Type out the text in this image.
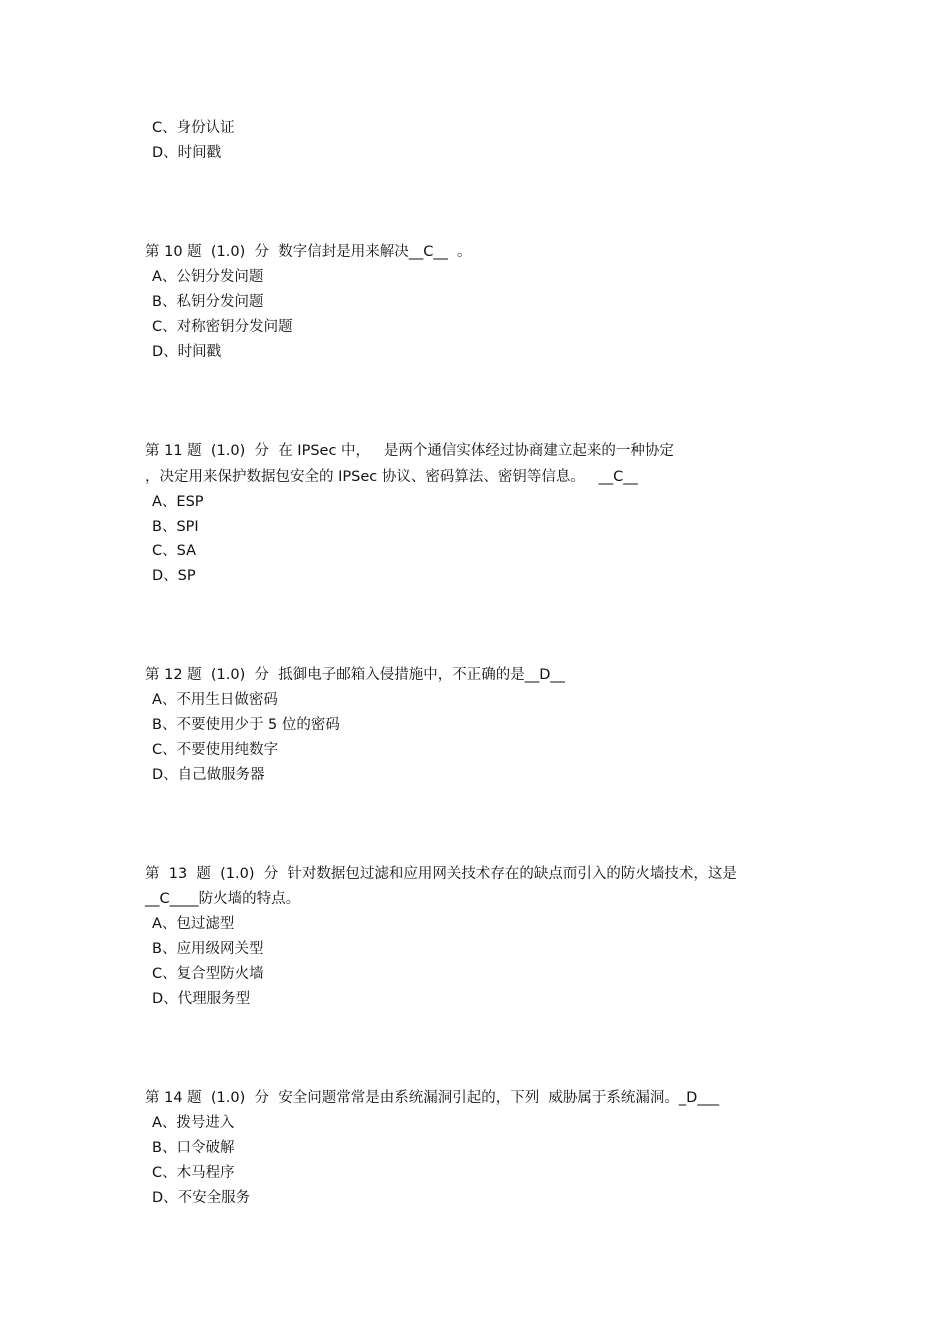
C、身份认证
D、时间戳
第 10 题  (1.0)  分  数字信封是用来解决__C__  。
A、公钥分发问题
B、私钥分发问题
C、对称密钥分发问题
D、时间戳
第 11 题  (1.0)  分  在 IPSec 中，   是两个通信实体经过协商建立起来的一种协定
，决定用来保护数据包安全的 IPSec 协议、密码算法、密钥等信息。   __C__
A、ESP
B、SPI
C、SA
D、SP
第 12 题  (1.0)  分  抵御电子邮箱入侵措施中，不正确的是__D__
A、不用生日做密码
B、不要使用少于 5 位的密码
C、不要使用纯数字
D、自己做服务器
第  13  题  (1.0)  分  针对数据包过滤和应用网关技术存在的缺点而引入的防火墙技术，这是
__C____防火墙的特点。
A、包过滤型
B、应用级网关型
C、复合型防火墙
D、代理服务型
第 14 题  (1.0)  分  安全问题常常是由系统漏洞引起的，下列  威胁属于系统漏洞。_D___
A、拨号进入
B、口令破解
C、木马程序
D、不安全服务
